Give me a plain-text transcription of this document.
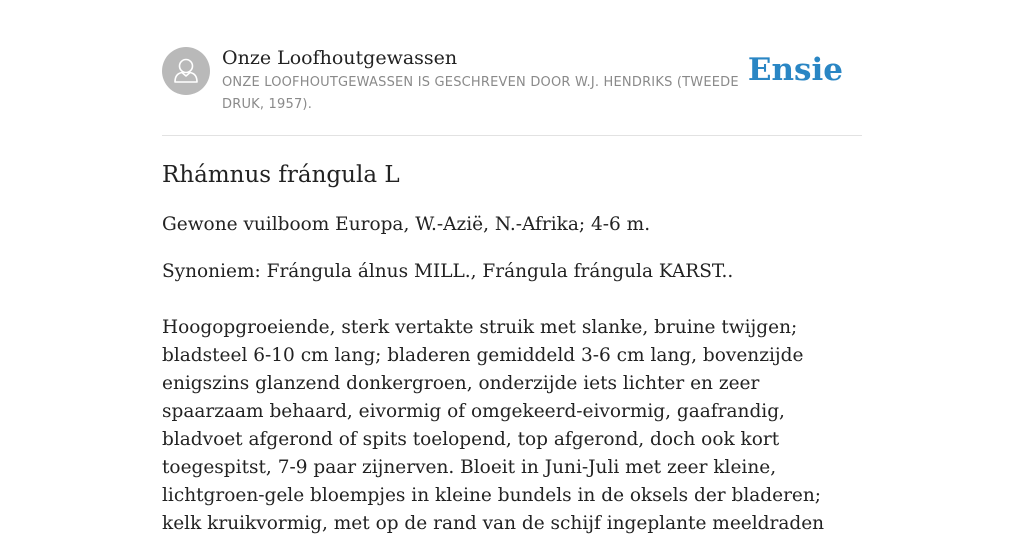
Onze Loofhoutgewassen
ONZE LOOFHOUTGEWASSEN IS GESCHREVEN DOOR W.J. HENDRIKS (TWEEDE DRUK, 1957).
Ensie
Rhámnus frángula L

Gewone vuilboom Europa, W.-Azië, N.-Afrika; 4-6 m.

Synoniem: Frángula álnus MILL., Frángula frángula KARST..

Hoogopgroeiende, sterk vertakte struik met slanke, bruine twijgen; bladsteel 6-10 cm lang; bladeren gemiddeld 3-6 cm lang, bovenzijde enigszins glanzend donkergroen, onderzijde iets lichter en zeer spaarzaam behaard, eivormig of omgekeerd-eivormig, gaafrandig, bladvoet afgerond of spits toelopend, top afgerond, doch ook kort toegespitst, 7-9 paar zijnerven. Bloeit in Juni-Juli met zeer kleine, lichtgroen-gele bloempjes in kleine bundels in de oksels der bladeren; kelk kruikvormig, met op de rand van de schijf ingeplante meeldraden
